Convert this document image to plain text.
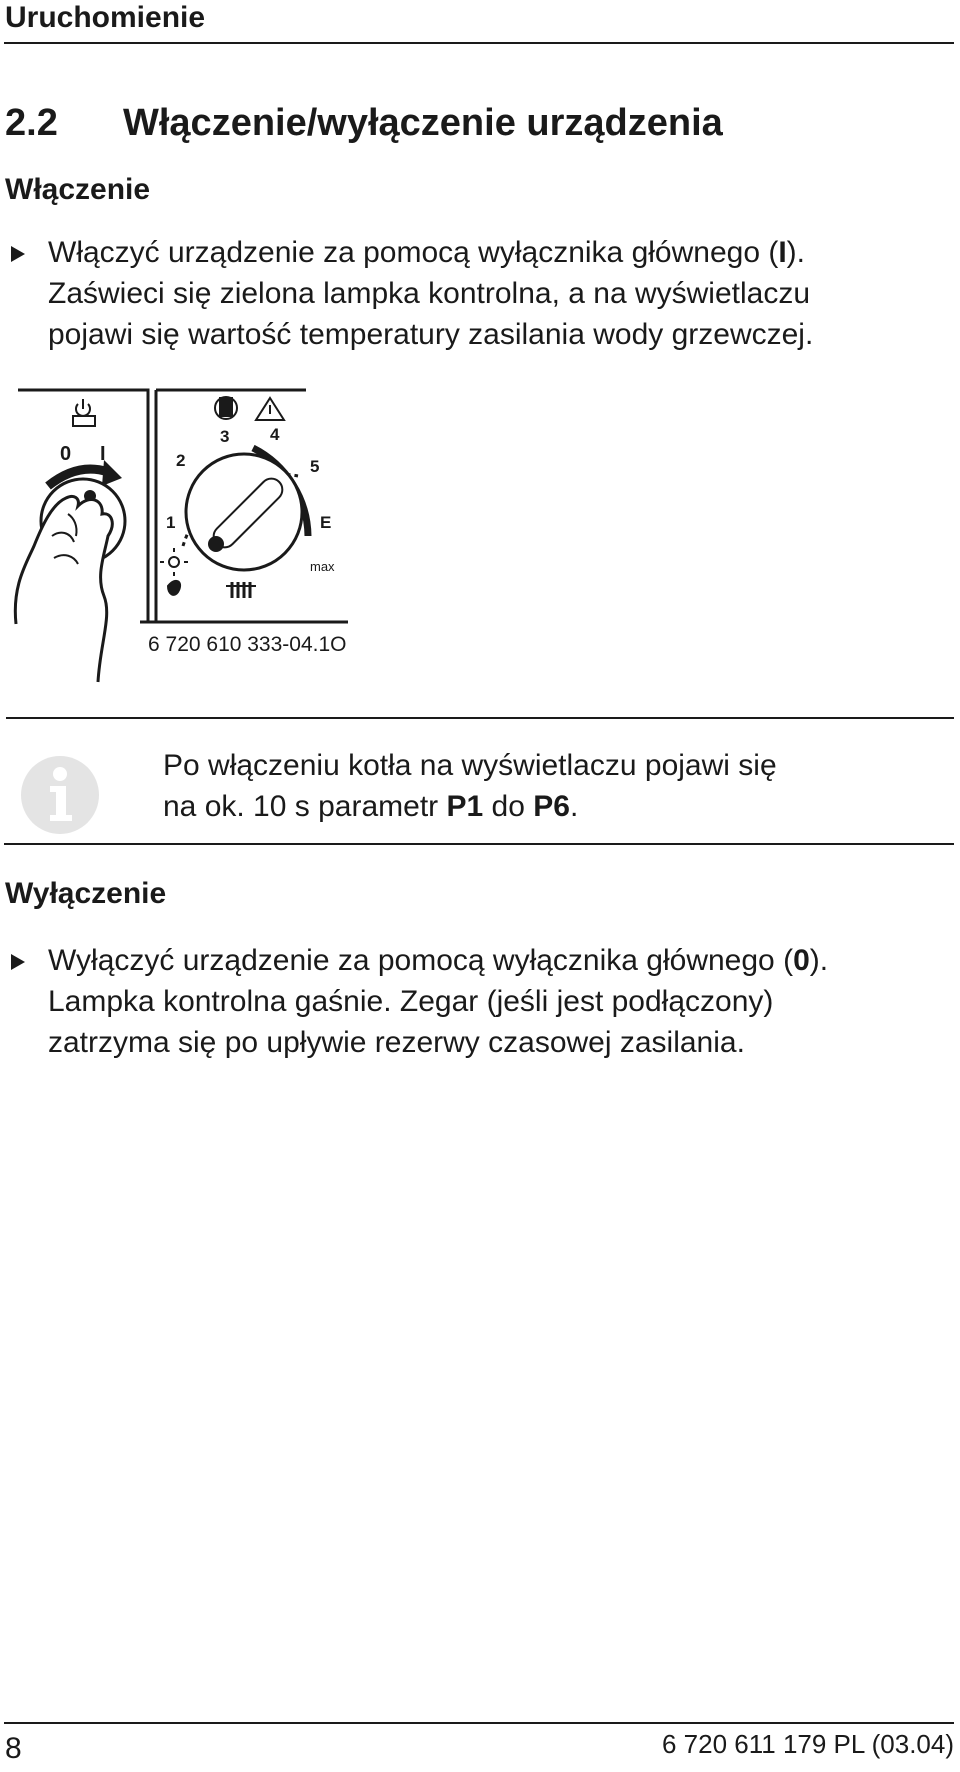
Uruchomienie
2.2 Włączenie/wyłączenie urządzenia
Włączenie
Włączyć urządzenie za pomocą wyłącznika głównego (I).
Zaświeci się zielona lampka kontrolna, a na wyświetlaczu
pojawi się wartość temperatury zasilania wody grzewczej.
0 I
1
2
3 4
5
E
max
6 720 610 333-04.1O
Po włączeniu kotła na wyświetlaczu pojawi się
na ok. 10 s parametr P1 do P6.
Wyłączenie
Wyłączyć urządzenie za pomocą wyłącznika głównego (0).
Lampka kontrolna gaśnie. Zegar (jeśli jest podłączony)
zatrzyma się po upływie rezerwy czasowej zasilania.
8	6 720 611 179 PL (03.04)
